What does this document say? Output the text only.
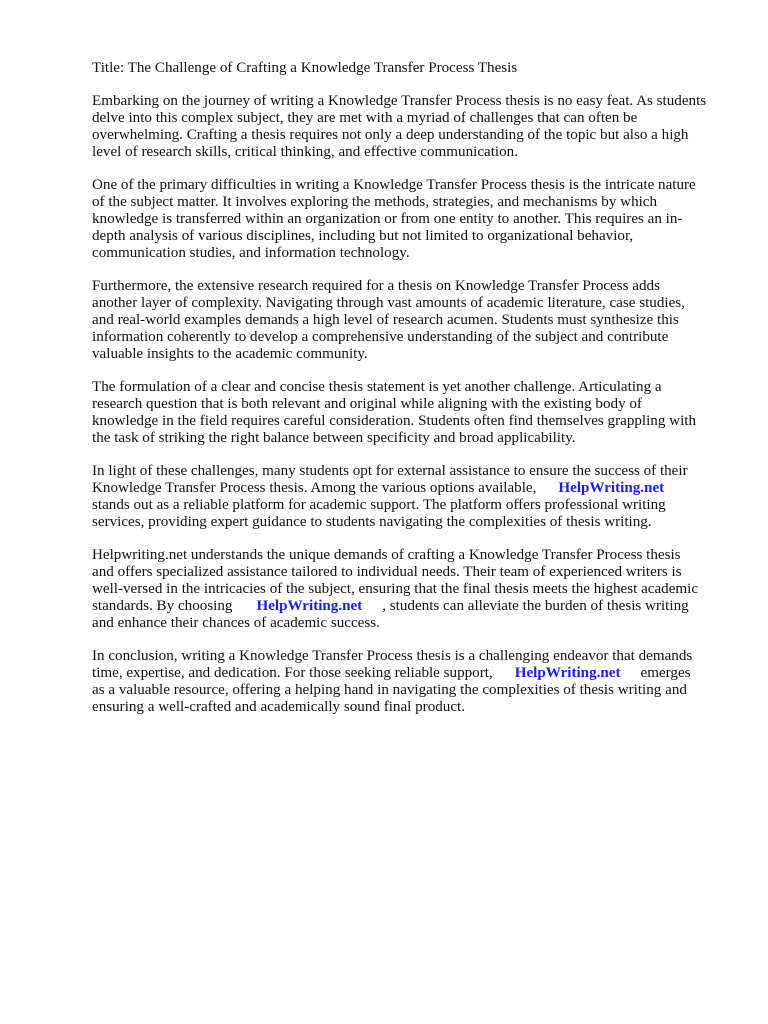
Title: The Challenge of Crafting a Knowledge Transfer Process Thesis

Embarking on the journey of writing a Knowledge Transfer Process thesis is no easy feat. As students
delve into this complex subject, they are met with a myriad of challenges that can often be
overwhelming. Crafting a thesis requires not only a deep understanding of the topic but also a high
level of research skills, critical thinking, and effective communication.

One of the primary difficulties in writing a Knowledge Transfer Process thesis is the intricate nature
of the subject matter. It involves exploring the methods, strategies, and mechanisms by which
knowledge is transferred within an organization or from one entity to another. This requires an in-
depth analysis of various disciplines, including but not limited to organizational behavior,
communication studies, and information technology.

Furthermore, the extensive research required for a thesis on Knowledge Transfer Process adds
another layer of complexity. Navigating through vast amounts of academic literature, case studies,
and real-world examples demands a high level of research acumen. Students must synthesize this
information coherently to develop a comprehensive understanding of the subject and contribute
valuable insights to the academic community.

The formulation of a clear and concise thesis statement is yet another challenge. Articulating a
research question that is both relevant and original while aligning with the existing body of
knowledge in the field requires careful consideration. Students often find themselves grappling with
the task of striking the right balance between specificity and broad applicability.

In light of these challenges, many students opt for external assistance to ensure the success of their
Knowledge Transfer Process thesis. Among the various options available, HelpWriting.net
stands out as a reliable platform for academic support. The platform offers professional writing
services, providing expert guidance to students navigating the complexities of thesis writing.

Helpwriting.net understands the unique demands of crafting a Knowledge Transfer Process thesis
and offers specialized assistance tailored to individual needs. Their team of experienced writers is
well-versed in the intricacies of the subject, ensuring that the final thesis meets the highest academic
standards. By choosing HelpWriting.net , students can alleviate the burden of thesis writing
and enhance their chances of academic success.

In conclusion, writing a Knowledge Transfer Process thesis is a challenging endeavor that demands
time, expertise, and dedication. For those seeking reliable support, HelpWriting.net emerges
as a valuable resource, offering a helping hand in navigating the complexities of thesis writing and
ensuring a well-crafted and academically sound final product.
